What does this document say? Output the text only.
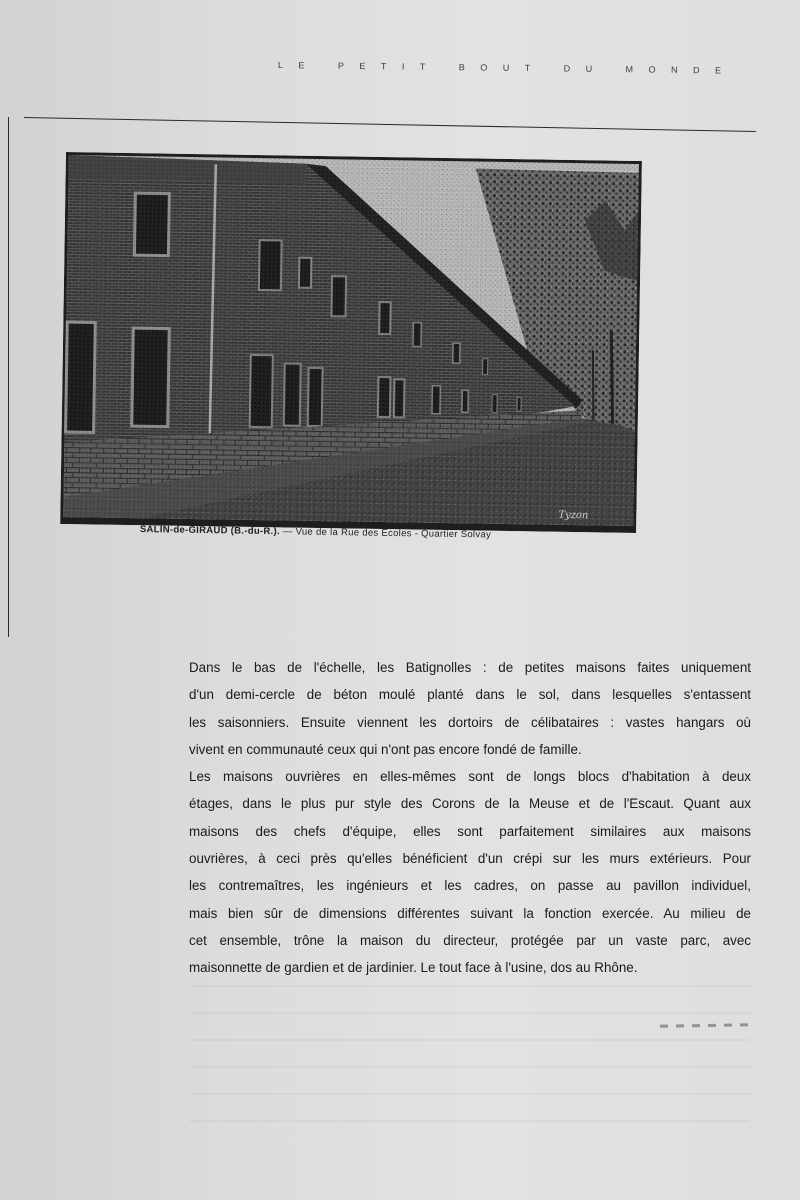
LE PETIT BOUT DU MONDE
Tyzon
SALIN-de-GIRAUD (B.-du-R.). — Vue de la Rue des Ecoles - Quartier Solvay
Dans le bas de l'échelle, les Batignolles : de petites maisons faites uniquement
d'un demi-cercle de béton moulé planté dans le sol, dans lesquelles s'entassent
les saisonniers. Ensuite viennent les dortoirs de célibataires : vastes hangars où
vivent en communauté ceux qui n'ont pas encore fondé de famille.
Les maisons ouvrières en elles-mêmes sont de longs blocs d'habitation à deux
étages, dans le plus pur style des Corons de la Meuse et de l'Escaut. Quant aux
maisons des chefs d'équipe, elles sont parfaitement similaires aux maisons
ouvrières, à ceci près qu'elles bénéficient d'un crépi sur les murs extérieurs. Pour
les contremaîtres, les ingénieurs et les cadres, on passe au pavillon individuel,
mais bien sûr de dimensions différentes suivant la fonction exercée. Au milieu de
cet ensemble, trône la maison du directeur, protégée par un vaste parc, avec
maisonnette de gardien et de jardinier. Le tout face à l'usine, dos au Rhône.
